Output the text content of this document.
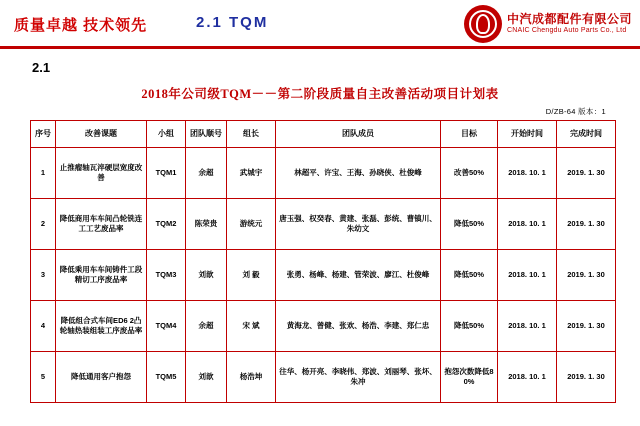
质量卓越 技术领先	2.1 TQM	中汽成都配件有限公司
CNAIC Chengdu Auto Parts Co., Ltd
2.1
2018年公司级TQM－－第二阶段质量自主改善活动项目计划表
D/ZB-64 版本：1
序号	改善课题	小组	团队顺号	组长	团队成员	目标	开始时间	完成时间
1	止推瘤轴瓦淬硬层宽度改善	TQM1	余超	武城宇	林超平、许宝、王海、孙晓侠、杜俊峰	改善50%	2018. 10. 1	2019. 1. 30
2	降低商用车车间凸轮铣连工工艺废品率	TQM2	陈荣贵	游统元	唐玉强、权癸春、黄建、张磊、彭统、曹镇川、朱幼文	降低50%	2018. 10. 1	2019. 1. 30
3	降低乘用车车间铸件工段精切工序废品率	TQM3	刘歆	刘 毅	张勇、杨峰、杨建、管荣波、廖江、杜俊峰	降低50%	2018. 10. 1	2019. 1. 30
4	降低组合式车间ED6 2凸轮轴热装组装工序废品率	TQM4	余超	宋 斌	黄海龙、曾健、张欢、杨浩、李建、郑仁忠	降低50%	2018. 10. 1	2019. 1. 30
5	降低通用客户抱怨	TQM5	刘歆	杨浩坤	往华、杨开亮、李晓伟、郑波、刘丽琴、张坏、朱冲	抱怨次数降低80%	2018. 10. 1	2019. 1. 30
